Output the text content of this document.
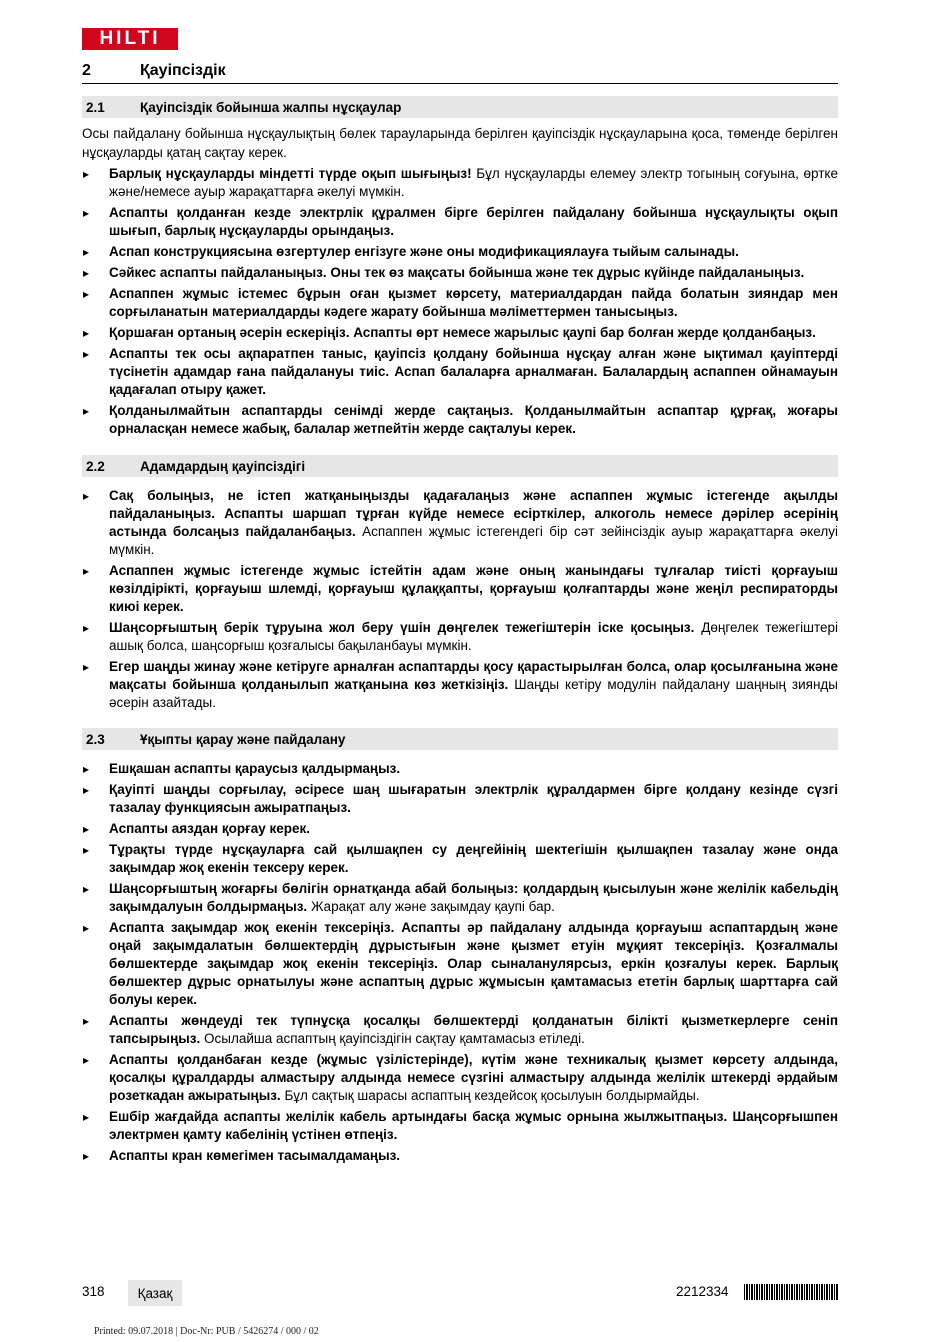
HILTI
2	Қауіпсіздік
2.1	Қауіпсіздік бойынша жалпы нұсқаулар
Осы пайдалану бойынша нұсқаулықтың бөлек тарауларында берілген қауіпсіздік нұсқауларына қоса, төменде берілген нұсқауларды қатаң сақтау керек.
▸ Барлық нұсқауларды міндетті түрде оқып шығыңыз! Бұл нұсқауларды елемеу электр тогының соғуына, өртке және/немесе ауыр жарақаттарға әкелуі мүмкін.
▸ Аспапты қолданған кезде электрлік құралмен бірге берілген пайдалану бойынша нұсқаулықты оқып шығып, барлық нұсқауларды орындаңыз.
▸ Аспап конструкциясына өзгертулер енгізуге және оны модификациялауға тыйым салынады.
▸ Сәйкес аспапты пайдаланыңыз. Оны тек өз мақсаты бойынша және тек дұрыс күйінде пайдаланыңыз.
▸ Аспаппен жұмыс істемес бұрын оған қызмет көрсету, материалдардан пайда болатын зияндар мен сорғыланатын материалдарды кәдеге жарату бойынша мәліметтермен танысыңыз.
▸ Қоршаған ортаның әсерін ескеріңіз. Аспапты өрт немесе жарылыс қаупі бар болған жерде қолданбаңыз.
▸ Аспапты тек осы ақпаратпен таныс, қауіпсіз қолдану бойынша нұсқау алған және ықтимал қауіптерді түсінетін адамдар ғана пайдалануы тиіс. Аспап балаларға арналмаған. Балалардың аспаппен ойнамауын қадағалап отыру қажет.
▸ Қолданылмайтын аспаптарды сенімді жерде сақтаңыз. Қолданылмайтын аспаптар құрғақ, жоғары орналасқан немесе жабық, балалар жетпейтін жерде сақталуы керек.
2.2	Адамдардың қауіпсіздігі
▸ Сақ болыңыз, не істеп жатқаныңызды қадағалаңыз және аспаппен жұмыс істегенде ақылды пайдаланыңыз. Аспапты шаршап тұрған күйде немесе есірткілер, алкоголь немесе дәрілер әсерінің астында болсаңыз пайдаланбаңыз. Аспаппен жұмыс істегендегі бір сәт зейінсіздік ауыр жарақаттарға әкелуі мүмкін.
▸ Аспаппен жұмыс істегенде жұмыс істейтін адам және оның жанындағы тұлғалар тиісті қорғауыш көзілдірікті, қорғауыш шлемді, қорғауыш құлаққапты, қорғауыш қолғаптарды және жеңіл респираторды киюі керек.
▸ Шаңсорғыштың берік тұруына жол беру үшін дөңгелек тежегіштерін іске қосыңыз. Дөңгелек тежегіштері ашық болса, шаңсорғыш қозғалысы бақыланбауы мүмкін.
▸ Егер шаңды жинау және кетіруге арналған аспаптарды қосу қарастырылған болса, олар қосылғанына және мақсаты бойынша қолданылып жатқанына көз жеткізіңіз. Шаңды кетіру модулін пайдалану шаңның зиянды әсерін азайтады.
2.3	Ұқыпты қарау және пайдалану
▸ Ешқашан аспапты қараусыз қалдырмаңыз.
▸ Қауіпті шаңды сорғылау, әсіресе шаң шығаратын электрлік құралдармен бірге қолдану кезінде сүзгі тазалау функциясын ажыратпаңыз.
▸ Аспапты аяздан қорғау керек.
▸ Тұрақты түрде нұсқауларға сай қылшақпен су деңгейінің шектегішін қылшақпен тазалау және онда зақымдар жоқ екенін тексеру керек.
▸ Шаңсорғыштың жоғарғы бөлігін орнатқанда абай болыңыз: қолдардың қысылуын және желілік кабельдің зақымдалуын болдырмаңыз. Жарақат алу және зақымдау қаупі бар.
▸ Аспапта зақымдар жоқ екенін тексеріңіз. Аспапты әр пайдалану алдында қорғауыш аспаптардың және оңай зақымдалатын бөлшектердің дұрыстығын және қызмет етуін мұқият тексеріңіз. Қозғалмалы бөлшектерде зақымдар жоқ екенін тексеріңіз. Олар сыналанулярсыз, еркін қозғалуы керек. Барлық бөлшектер дұрыс орнатылуы және аспаптың дұрыс жұмысын қамтамасыз ететін барлық шарттарға сай болуы керек.
▸ Аспапты жөндеуді тек түпнұсқа қосалқы бөлшектерді қолданатын білікті қызметкерлерге сеніп тапсырыңыз. Осылайша аспаптың қауіпсіздігін сақтау қамтамасыз етіледі.
▸ Аспапты қолданбаған кезде (жұмыс үзілістерінде), күтім және техникалық қызмет көрсету алдында, қосалқы құралдарды алмастыру алдында немесе сүзгіні алмастыру алдында желілік штекерді әрдайым розеткадан ажыратыңыз. Бұл сақтық шарасы аспаптың кездейсоқ қосылуын болдырмайды.
▸ Ешбір жағдайда аспапты желілік кабель артындағы басқа жұмыс орнына жылжытпаңыз. Шаңсорғышпен электрмен қамту кабелінің үстінен өтпеңіз.
▸ Аспапты кран көмегімен тасымалдамаңыз.
318	Қазақ	2212334
Printed: 09.07.2018 | Doc-Nr: PUB / 5426274 / 000 / 02
